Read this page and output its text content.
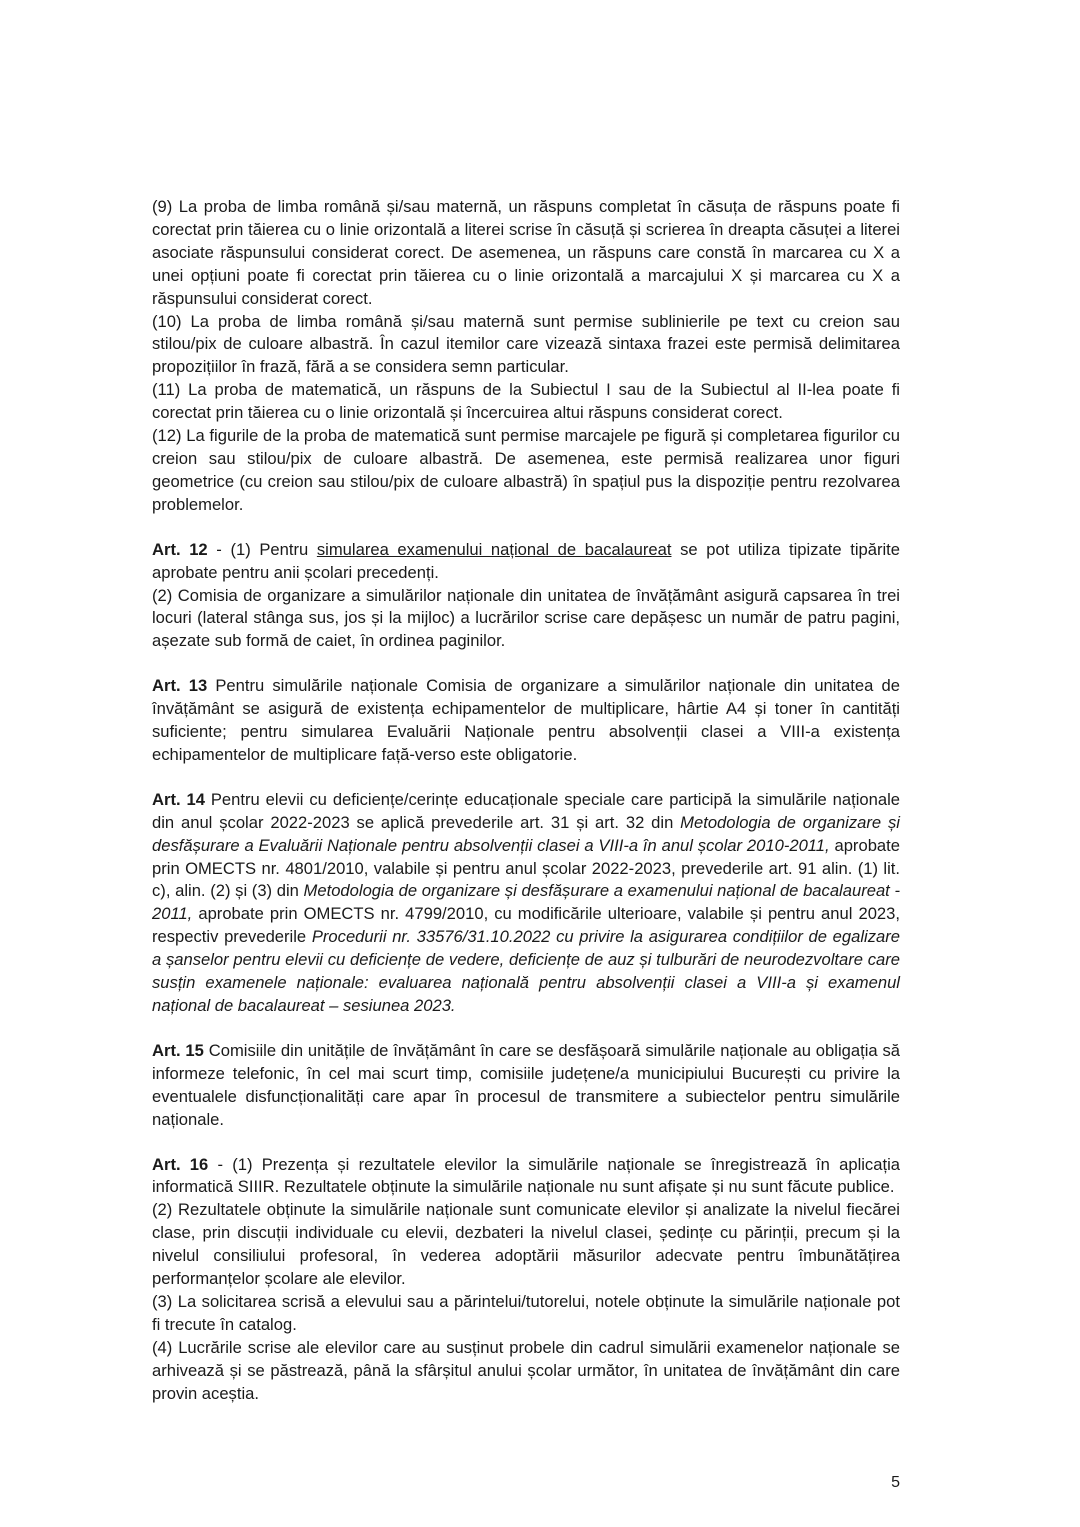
(9) La proba de limba română și/sau maternă, un răspuns completat în căsuța de răspuns poate fi corectat prin tăierea cu o linie orizontală a literei scrise în căsuță și scrierea în dreapta căsuței a literei asociate răspunsului considerat corect. De asemenea, un răspuns care constă în marcarea cu X a unei opțiuni poate fi corectat prin tăierea cu o linie orizontală a marcajului X și marcarea cu X a răspunsului considerat corect.

(10) La proba de limba română și/sau maternă sunt permise sublinierile pe text cu creion sau stilou/pix de culoare albastră. În cazul itemilor care vizează sintaxa frazei este permisă delimitarea propozițiilor în frază, fără a se considera semn particular.

(11) La proba de matematică, un răspuns de la Subiectul I sau de la Subiectul al II-lea poate fi corectat prin tăierea cu o linie orizontală și încercuirea altui răspuns considerat corect.

(12) La figurile de la proba de matematică sunt permise marcajele pe figură și completarea figurilor cu creion sau stilou/pix de culoare albastră. De asemenea, este permisă realizarea unor figuri geometrice (cu creion sau stilou/pix de culoare albastră) în spațiul pus la dispoziție pentru rezolvarea problemelor.

Art. 12 - (1) Pentru simularea examenului național de bacalaureat se pot utiliza tipizate tipărite aprobate pentru anii școlari precedenți.

(2) Comisia de organizare a simulărilor naționale din unitatea de învățământ asigură capsarea în trei locuri (lateral stânga sus, jos și la mijloc) a lucrărilor scrise care depășesc un număr de patru pagini, așezate sub formă de caiet, în ordinea paginilor.

Art. 13 Pentru simulările naționale Comisia de organizare a simulărilor naționale din unitatea de învățământ se asigură de existența echipamentelor de multiplicare, hârtie A4 și toner în cantități suficiente; pentru simularea Evaluării Naționale pentru absolvenții clasei a VIII-a existența echipamentelor de multiplicare față-verso este obligatorie.

Art. 14 Pentru elevii cu deficiențe/cerințe educaționale speciale care participă la simulările naționale din anul școlar 2022-2023 se aplică prevederile art. 31 și art. 32 din Metodologia de organizare și desfășurare a Evaluării Naționale pentru absolvenții clasei a VIII-a în anul școlar 2010-2011, aprobate prin OMECTS nr. 4801/2010, valabile și pentru anul școlar 2022-2023, prevederile art. 91 alin. (1) lit. c), alin. (2) și (3) din Metodologia de organizare și desfășurare a examenului național de bacalaureat - 2011, aprobate prin OMECTS nr. 4799/2010, cu modificările ulterioare, valabile și pentru anul 2023, respectiv prevederile Procedurii nr. 33576/31.10.2022 cu privire la asigurarea condițiilor de egalizare a șanselor pentru elevii cu deficiențe de vedere, deficiențe de auz și tulburări de neurodezvoltare care susțin examenele naționale: evaluarea națională pentru absolvenții clasei a VIII-a și examenul național de bacalaureat – sesiunea 2023.

Art. 15 Comisiile din unitățile de învățământ în care se desfășoară simulările naționale au obligația să informeze telefonic, în cel mai scurt timp, comisiile județene/a municipiului București cu privire la eventualele disfuncționalități care apar în procesul de transmitere a subiectelor pentru simulările naționale.

Art. 16 - (1) Prezența și rezultatele elevilor la simulările naționale se înregistrează în aplicația informatică SIIIR. Rezultatele obținute la simulările naționale nu sunt afișate și nu sunt făcute publice.

(2) Rezultatele obținute la simulările naționale sunt comunicate elevilor și analizate la nivelul fiecărei clase, prin discuții individuale cu elevii, dezbateri la nivelul clasei, ședințe cu părinții, precum și la nivelul consiliului profesoral, în vederea adoptării măsurilor adecvate pentru îmbunătățirea performanțelor școlare ale elevilor.

(3) La solicitarea scrisă a elevului sau a părintelui/tutorelui, notele obținute la simulările naționale pot fi trecute în catalog.

(4) Lucrările scrise ale elevilor care au susținut probele din cadrul simulării examenelor naționale se arhivează și se păstrează, până la sfârșitul anului școlar următor, în unitatea de învățământ din care provin aceștia.

5
